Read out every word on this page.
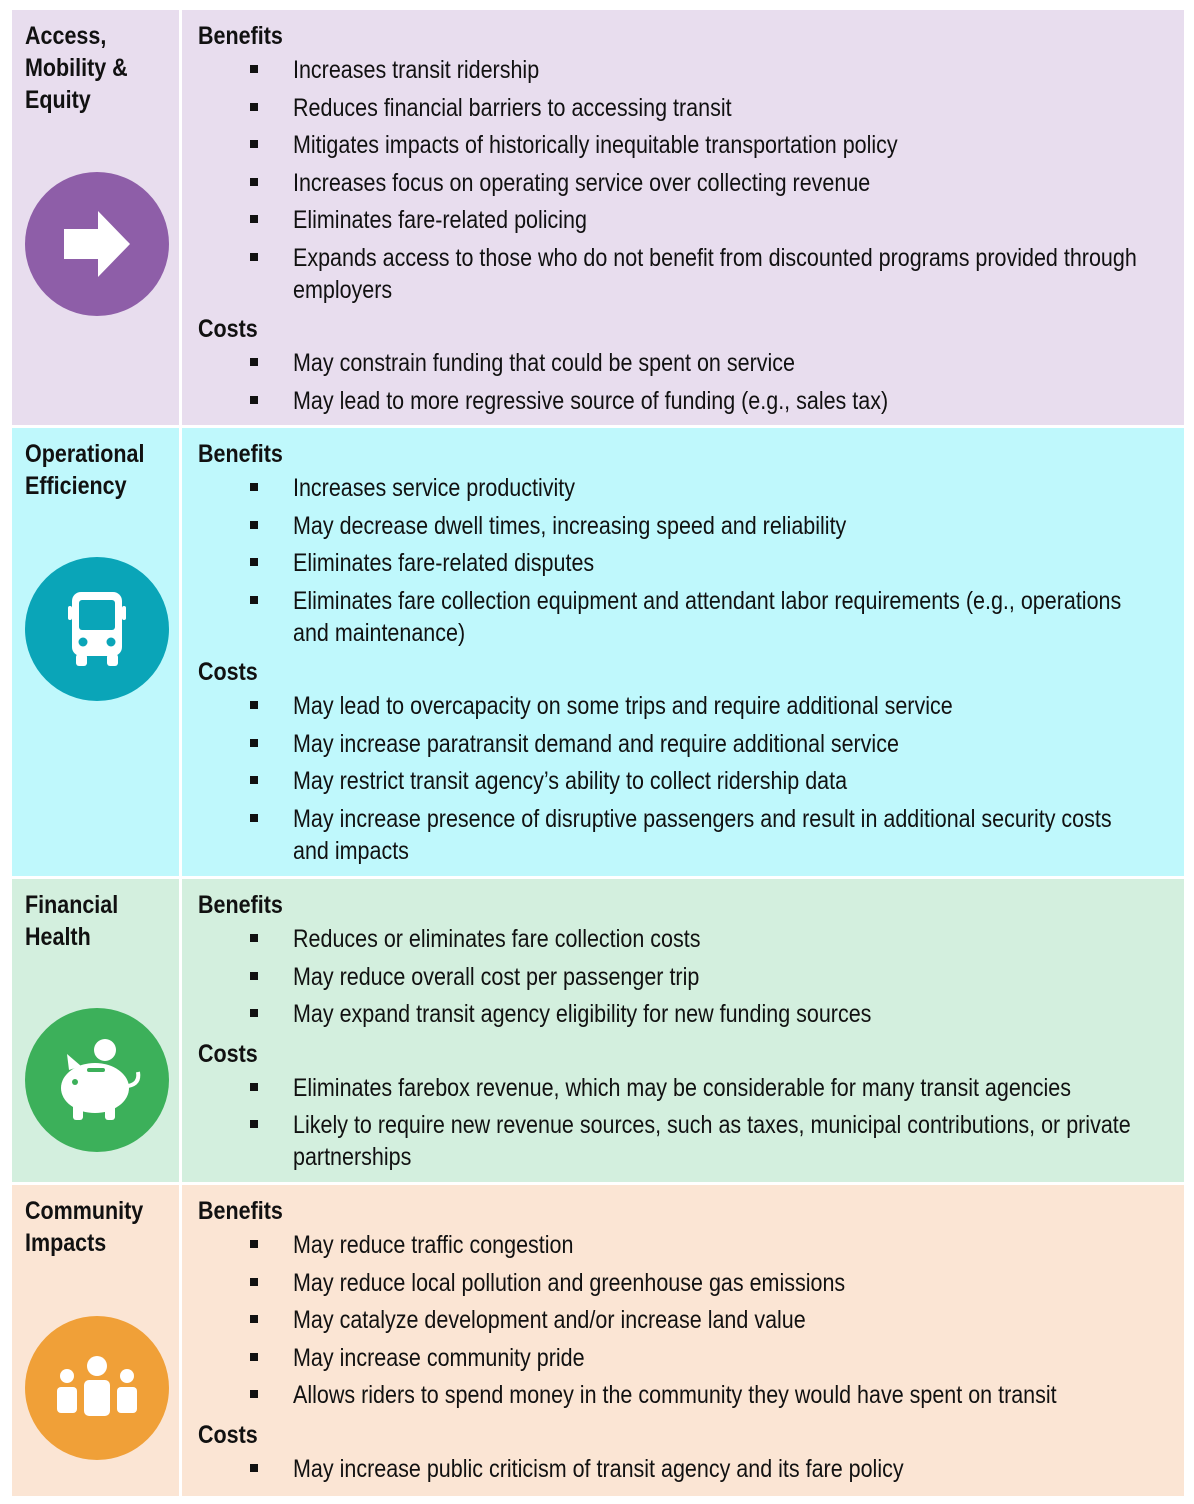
Access,
Mobility &
Equity
Benefits
Increases transit ridership
Reduces financial barriers to accessing transit
Mitigates impacts of historically inequitable transportation policy
Increases focus on operating service over collecting revenue
Eliminates fare-related policing
Expands access to those who do not benefit from discounted programs provided through employers
Costs
May constrain funding that could be spent on service
May lead to more regressive source of funding (e.g., sales tax)
Operational
Efficiency
Benefits
Increases service productivity
May decrease dwell times, increasing speed and reliability
Eliminates fare-related disputes
Eliminates fare collection equipment and attendant labor requirements (e.g., operations and maintenance)
Costs
May lead to overcapacity on some trips and require additional service
May increase paratransit demand and require additional service
May restrict transit agency’s ability to collect ridership data
May increase presence of disruptive passengers and result in additional security costs and impacts
Financial
Health
Benefits
Reduces or eliminates fare collection costs
May reduce overall cost per passenger trip
May expand transit agency eligibility for new funding sources
Costs
Eliminates farebox revenue, which may be considerable for many transit agencies
Likely to require new revenue sources, such as taxes, municipal contributions, or private partnerships
Community
Impacts
Benefits
May reduce traffic congestion
May reduce local pollution and greenhouse gas emissions
May catalyze development and/or increase land value
May increase community pride
Allows riders to spend money in the community they would have spent on transit
Costs
May increase public criticism of transit agency and its fare policy
